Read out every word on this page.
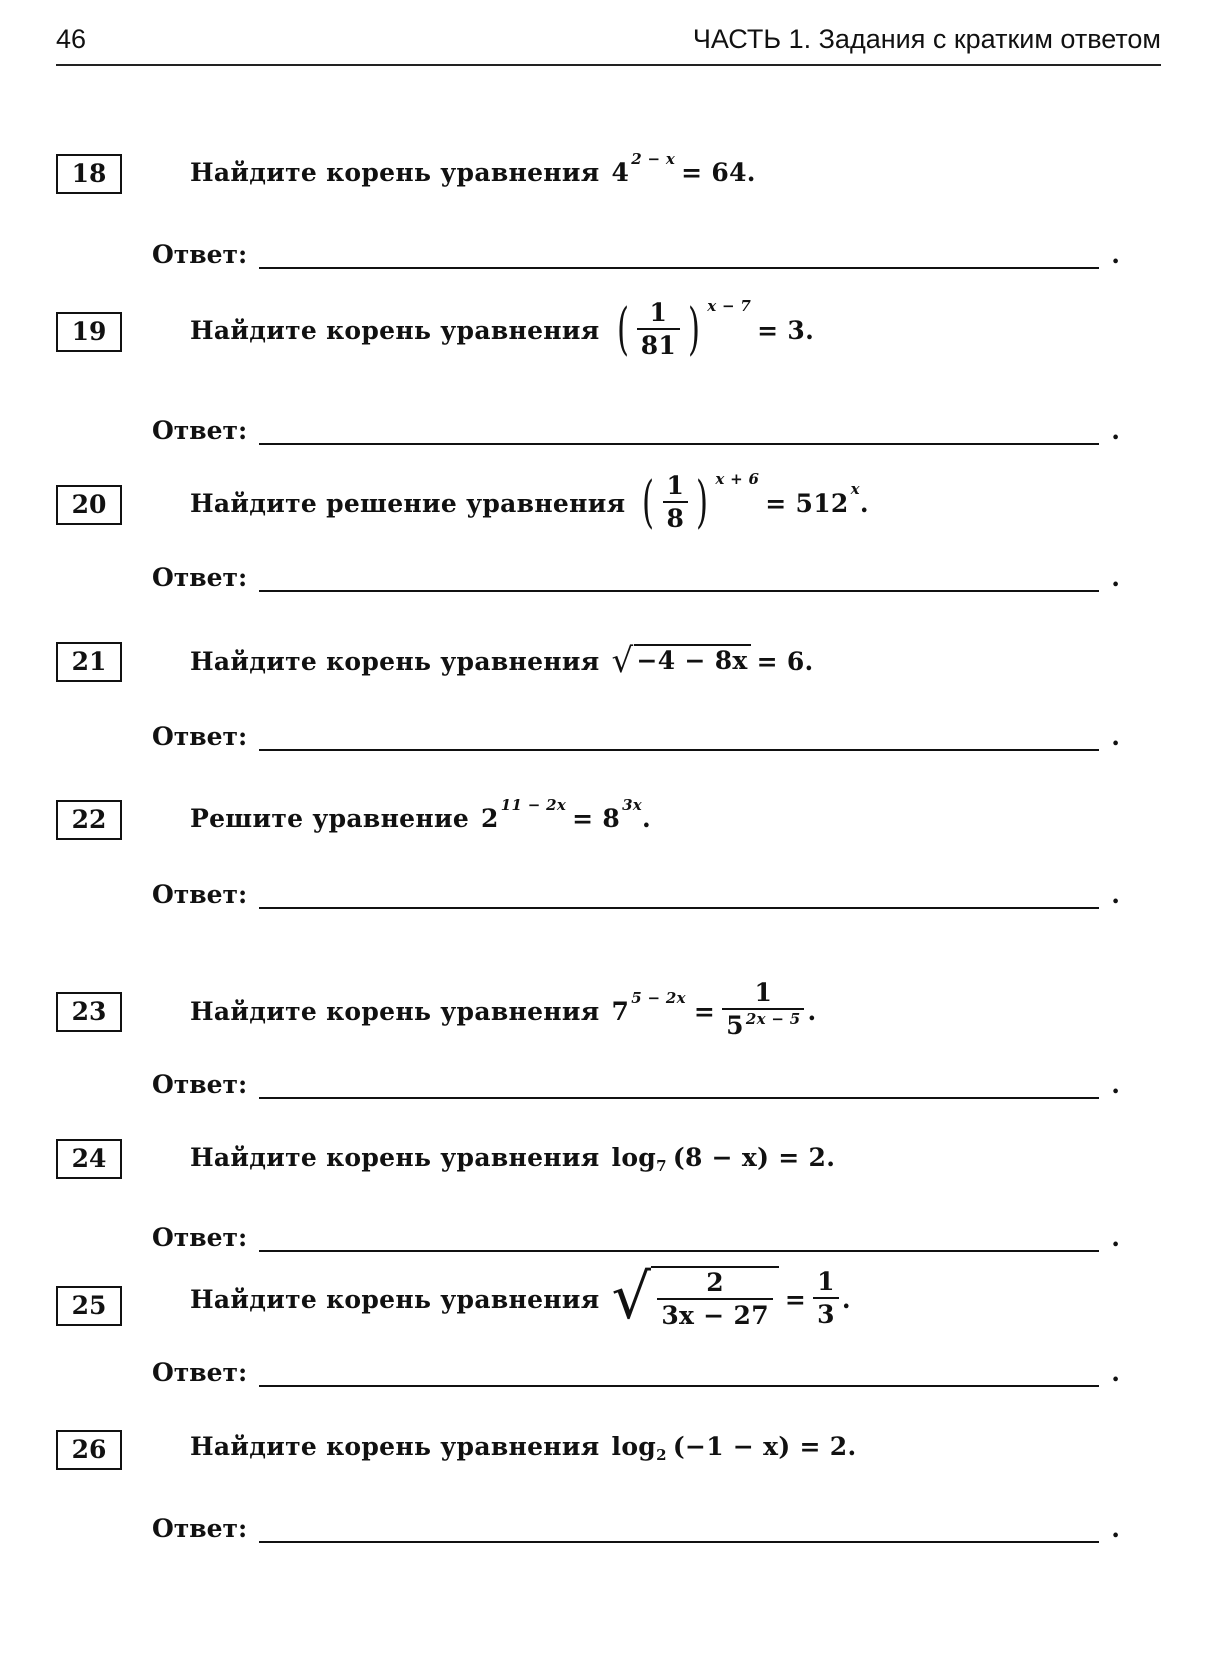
46	ЧАСТЬ 1. Задания с кратким ответом
18	Найдите корень уравнения 4 2 − x = 64.
Ответ:	.
19	Найдите корень уравнения ( $\frac{1}{81}$ ) x − 7
= 3.
Ответ:	.
20	Найдите решение уравнения ( $\frac{1}{8}$ ) x + 6
= 512 x .
Ответ:	.
21	Найдите корень уравнения √ −4 − 8x = 6.
Ответ:	.
22	Решите уравнение 2 11 − 2x = 8 3x .
Ответ:	.
23	Найдите корень уравнения 7 $5 - 2x = \frac{1}{5 ^{2x - 5}}$ .
Ответ:	.
24	Найдите корень уравнения log 7 (8 − x) = 2.
Ответ:	.
25	Найдите корень уравнения √ $\frac{2}{3x - 27} = \frac{1}{3}$ .
Ответ:	.
26	Найдите корень уравнения log 2 (−1 − x) = 2.
Ответ:	.
